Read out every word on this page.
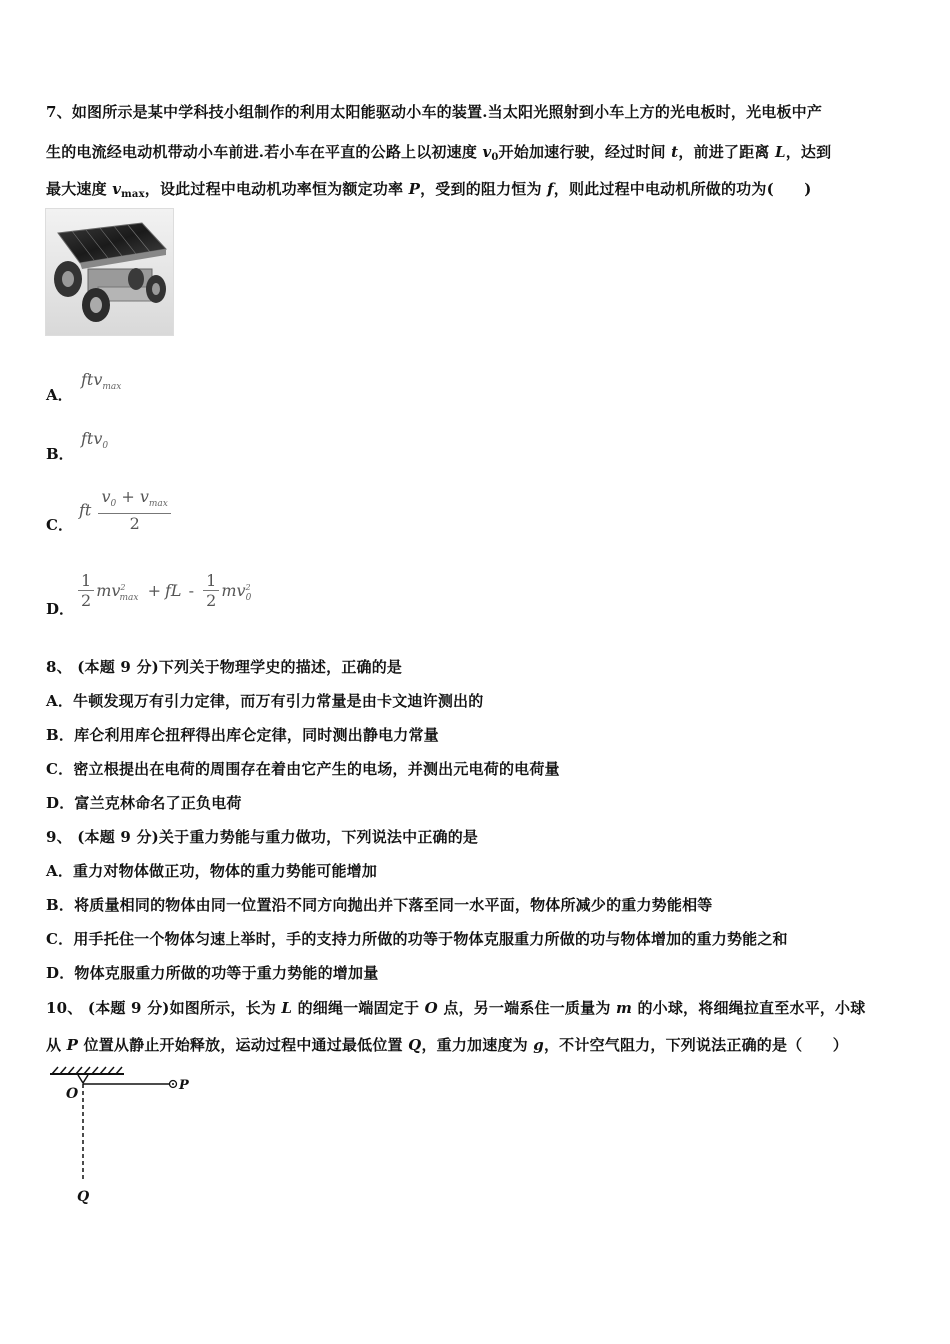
7、如图所示是某中学科技小组制作的利用太阳能驱动小车的装置.当太阳光照射到小车上方的光电板时，光电板中产
生的电流经电动机带动小车前进.若小车在平直的公路上以初速度 $v_0$开始加速行驶，经过时间 t，前进了距离 L，达到
最大速度 $v_{max}$，设此过程中电动机功率恒为额定功率 P，受到的阻力恒为 f，则此过程中电动机所做的功为(　　)
A．
ftv$_{max}$
B．
ftv$_0$
C．
ft $\frac{v_0 + v_{max}}{2}$
D． $\frac{1}{2} mv^2_{max}$ + fL - $\frac{1}{2} mv^2_0$
8、 (本题 9 分)下列关于物理学史的描述，正确的是
A．牛顿发现万有引力定律，而万有引力常量是由卡文迪许测出的
B．库仑利用库仑扭秤得出库仑定律，同时测出静电力常量
C．密立根提出在电荷的周围存在着由它产生的电场，并测出元电荷的电荷量
D．富兰克林命名了正负电荷
9、 (本题 9 分)关于重力势能与重力做功，下列说法中正确的是
A．重力对物体做正功，物体的重力势能可能增加
B．将质量相同的物体由同一位置沿不同方向抛出并下落至同一水平面，物体所减少的重力势能相等
C．用手托住一个物体匀速上举时，手的支持力所做的功等于物体克服重力所做的功与物体增加的重力势能之和
D．物体克服重力所做的功等于重力势能的增加量
10、 (本题 9 分)如图所示，长为 L 的细绳一端固定于 O 点，另一端系住一质量为 m 的小球，将细绳拉直至水平，小球
从 P 位置从静止开始释放，运动过程中通过最低位置 Q，重力加速度为 g，不计空气阻力，下列说法正确的是（　　）
O
P
Q
